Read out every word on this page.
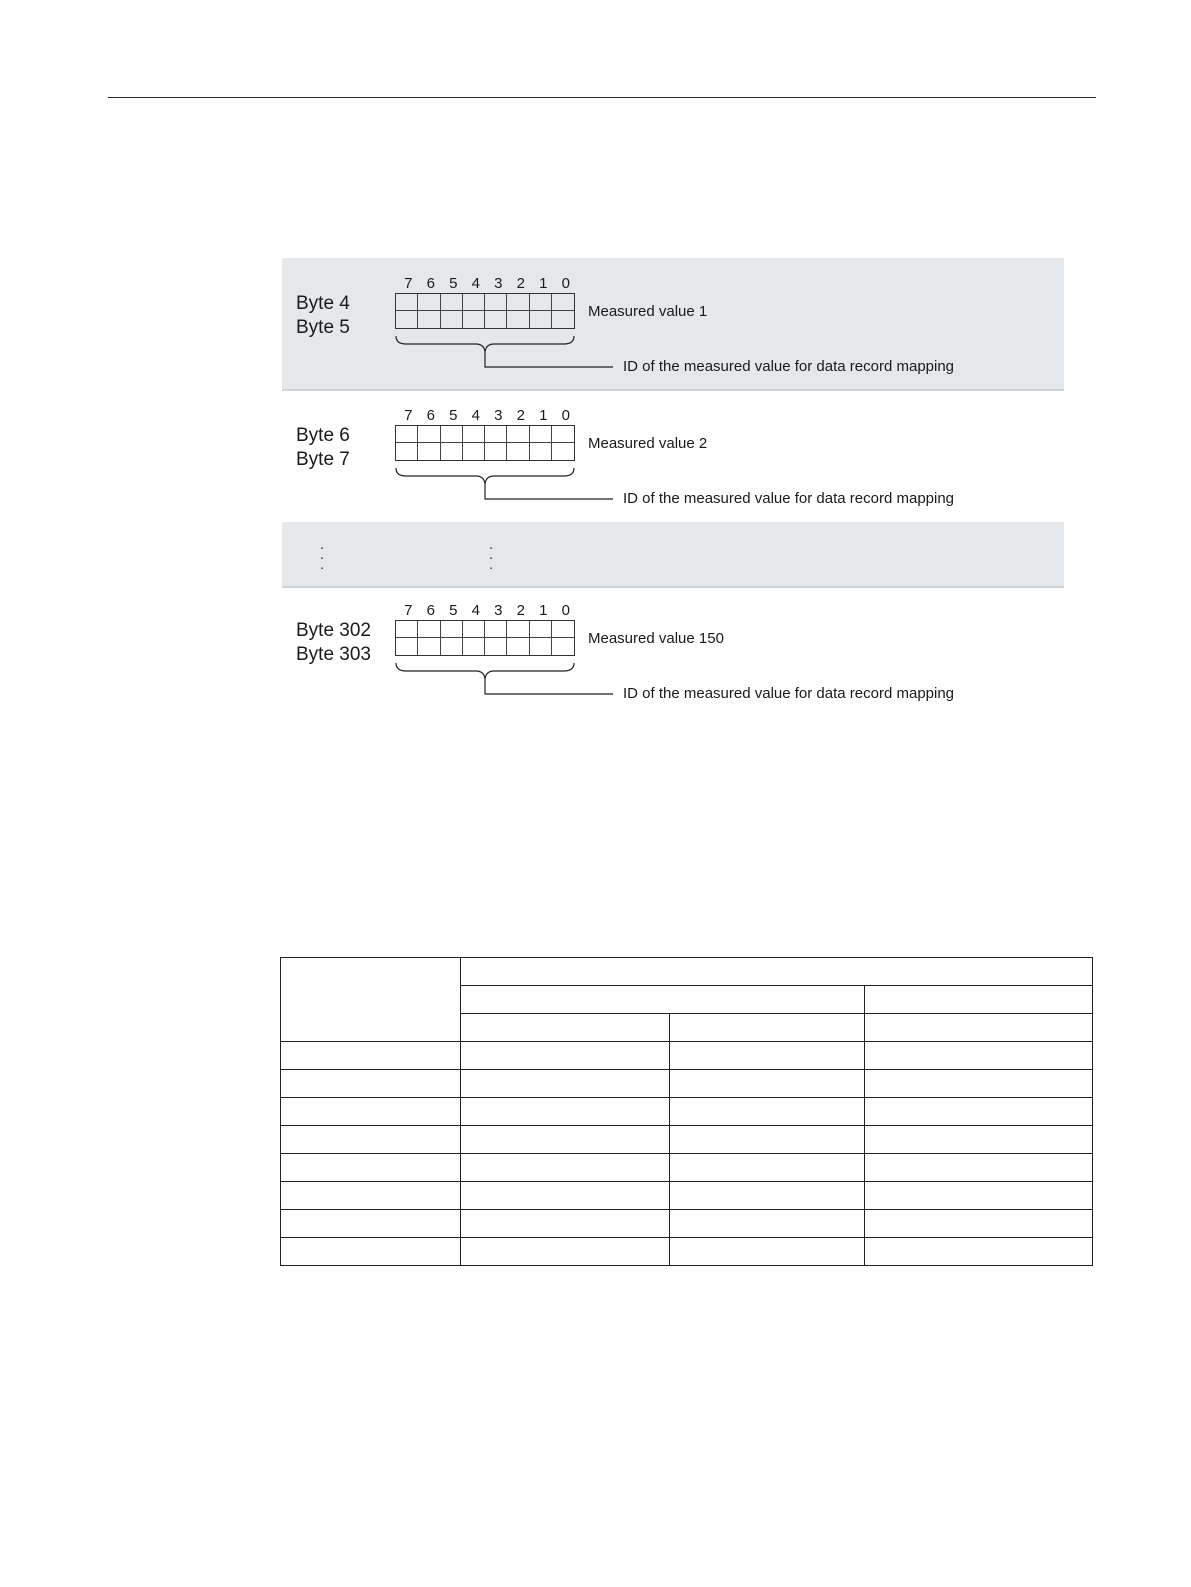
7 6 5 4 3 2 1 0
Byte 4
Byte 5
Measured value 1
ID of the measured value for data record mapping
7 6 5 4 3 2 1 0
Byte 6
Byte 7
Measured value 2
ID of the measured value for data record mapping
.
.
.
.
.
.
7 6 5 4 3 2 1 0
Byte 302
Byte 303
Measured value 150
ID of the measured value for data record mapping
